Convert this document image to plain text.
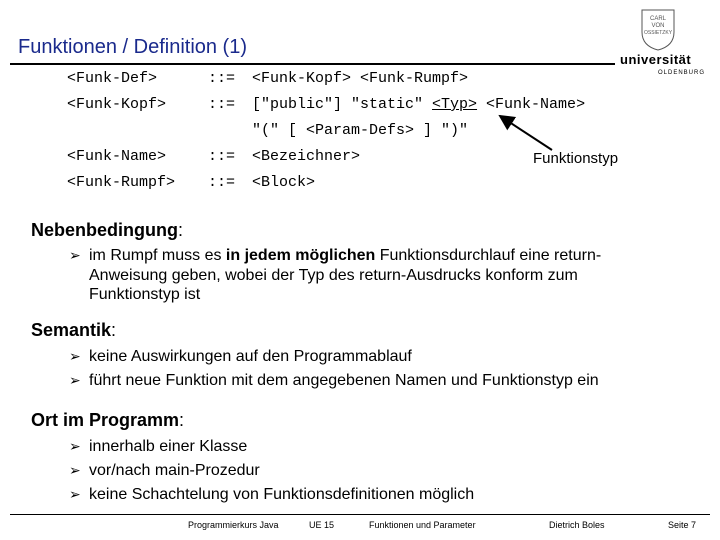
Funktionen / Definition (1)
CARL
VON
OSSIETZKY
universität
OLDENBURG
<Funk-Def>	::= <Funk-Kopf> <Funk-Rumpf>
<Funk-Kopf>	::= ["public"] "static" <Typ> <Funk-Name>
"(" [ <Param-Defs> ] ")"
<Funk-Name>	::= <Bezeichner>
<Funk-Rumpf> ::= <Block>
Funktionstyp
Nebenbedingung:
➢ im Rumpf muss es in jedem möglichen Funktionsdurchlauf eine return-
Anweisung geben, wobei der Typ des return-Ausdrucks konform zum
Funktionstyp ist
Semantik:
➢ keine Auswirkungen auf den Programmablauf
➢ führt neue Funktion mit dem angegebenen Namen und Funktionstyp ein
Ort im Programm:
➢ innerhalb einer Klasse
➢ vor/nach main-Prozedur
➢ keine Schachtelung von Funktionsdefinitionen möglich
Programmierkurs Java	UE 15	Funktionen und Parameter	Dietrich Boles	Seite 7
